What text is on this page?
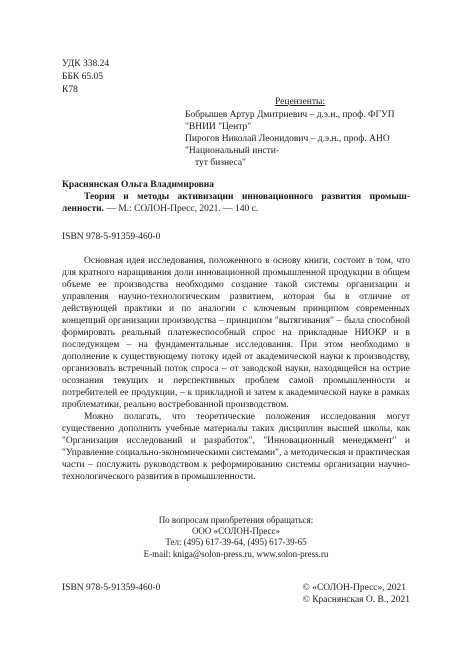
УДК 338.24
ББК 65.05
К78
Рецензенты:
Бобрышев Артур Дмитриевич – д.э.н., проф. ФГУП "ВНИИ "Центр"
Пирогов Николай Леонидович – д.э.н., проф. АНО "Национальный инсти-
тут бизнеса"
Краснянская Ольга Владимировна
Теория и методы активизации инновационного развития промыш-ленности. — М.: СОЛОН-Пресс, 2021. — 140 с.
ISBN 978-5-91359-460-0

Основная идея исследования, положенного в основу книги, состоит в том, что для кратного наращивания доли инновационной промышленной продукции в общем объеме ее производства необходимо создание такой системы организации и управления научно-технологическим развитием, которая бы в отличие от действующей практики и по аналогии с ключевым принципом современных концепций организации производства – принципом "вытягивания" – была способной формировать реальный платежеспособный спрос на прикладные НИОКР и в последующем – на фундаментальные исследования. При этом необходимо в дополнение к существующему потоку идей от академической науки к производству, организовать встречный поток спроса – от заводской науки, находящейся на острие осознания текущих и перспективных проблем самой промышленности и потребителей ее продукции, – к прикладной и затем к академической науке в рамках проблематики, реально востребованной производством.

Можно полагать, что теоретические положения исследования могут существенно дополнить учебные материалы таких дисциплин высшей школы, как "Организация исследований и разработок", "Инновационный менеджмент" и "Управление социально-экономическими системами", а методическая и практическая части – послужить руководством к реформированию системы организации научно-технологического развития в промышленности.

По вопросам приобретения обращаться:
ООО «СОЛОН-Пресс»
Тел: (495) 617-39-64, (495) 617-39-65
E-mail: kniga@solon-press.ru, www.solon-press.ru
ISBN 978-5-91359-460-0	© «СОЛОН-Пресс», 2021
© Краснянская О. В., 2021
